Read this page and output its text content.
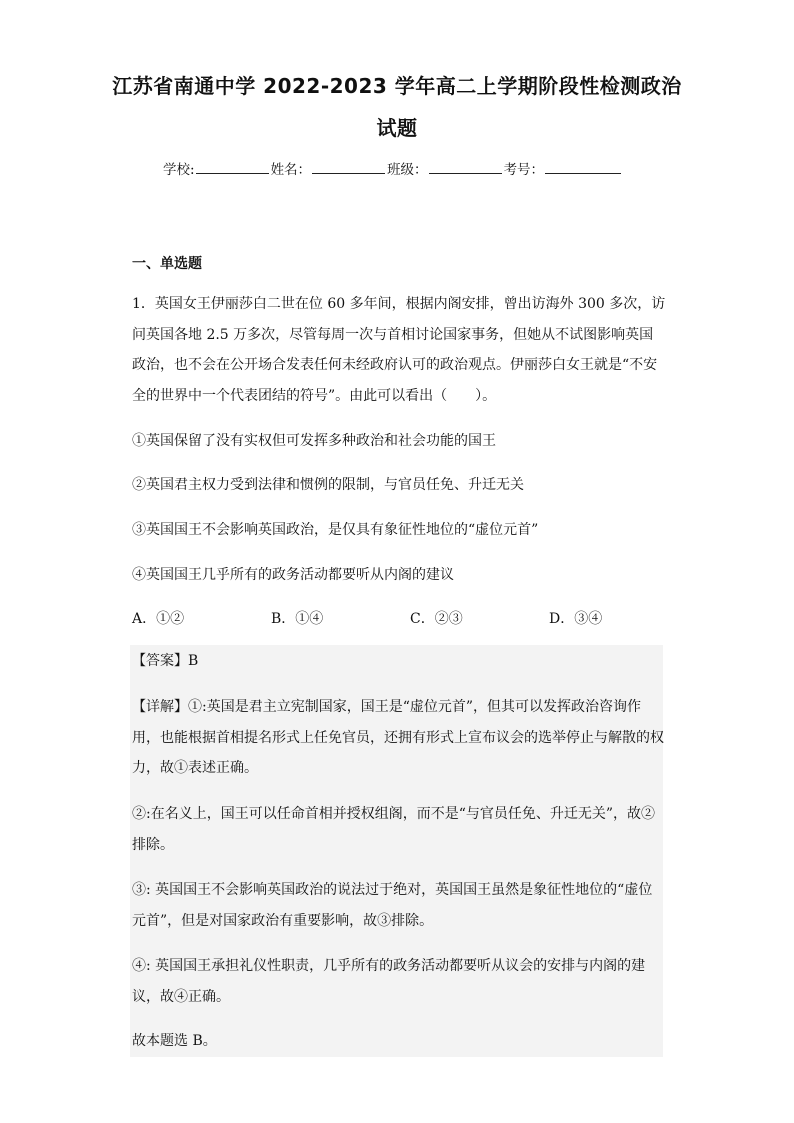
江苏省南通中学 2022-2023 学年高二上学期阶段性检测政治
试题
学校:	姓名：	班级：	考号：
一、单选题
1．英国女王伊丽莎白二世在位 60 多年间，根据内阁安排，曾出访海外 300 多次，访问英国各地 2.5 万多次，尽管每周一次与首相讨论国家事务，但她从不试图影响英国政治，也不会在公开场合发表任何未经政府认可的政治观点。伊丽莎白女王就是“不安全的世界中一个代表团结的符号”。由此可以看出（　　）。
①英国保留了没有实权但可发挥多种政治和社会功能的国王
②英国君主权力受到法律和惯例的限制，与官员任免、升迁无关
③英国国王不会影响英国政治，是仅具有象征性地位的“虚位元首”
④英国国王几乎所有的政务活动都要听从内阁的建议
A．①②	B．①④	C．②③	D．③④
【答案】B
【详解】①:英国是君主立宪制国家，国王是“虚位元首”，但其可以发挥政治咨询作用，也能根据首相提名形式上任免官员，还拥有形式上宣布议会的选举停止与解散的权力，故①表述正确。
②:在名义上，国王可以任命首相并授权组阁，而不是“与官员任免、升迁无关”，故②排除。
③: 英国国王不会影响英国政治的说法过于绝对，英国国王虽然是象征性地位的“虚位元首”，但是对国家政治有重要影响，故③排除。
④: 英国国王承担礼仪性职责，几乎所有的政务活动都要听从议会的安排与内阁的建议，故④正确。
故本题选 B。
